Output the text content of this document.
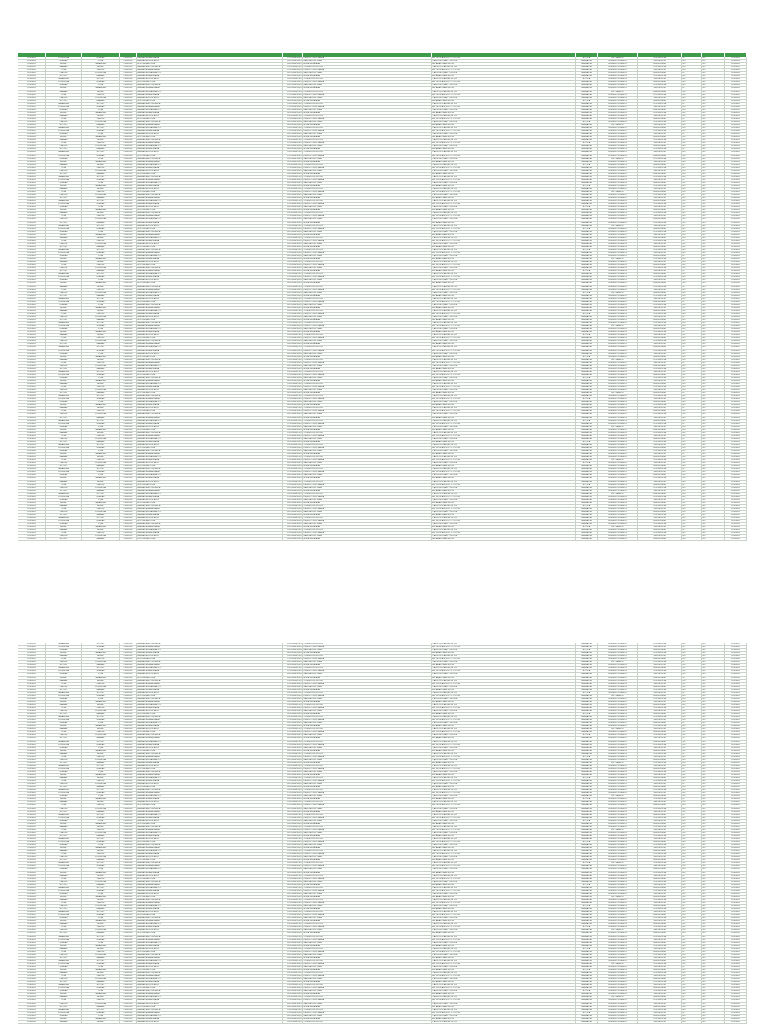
21001001	PICHINCHA	GUAYAS	21002001	FARMACIA SANTA ANA	1702345678001 PEREZ LOPEZ MARIA	AV. 10 DE AGOSTO Y COLON	BOTICA	EN TRAMITE	CON RECETA	SI	NO	21001002
21001002	GUAYAS	LOJA	21002002	FARMACIA CRUZ AZUL	0912345678001 GARCIA RUIZ JUAN	CALLE BOLIVAR Y SUCRE	FARMACIA	PERMISO VIGENTE	SIN RECETA	NO	NO	21002001
21002001	AZUAY	IMBABURA	21001001	BOTICA SAN JOSE	0102345678001 MORA VEGA ANA	AV. AMAZONAS N32-45	FARMACIA	PERMISO VIGENTE	VENTA LIBRE	NO	NO	21002002
21002002	MANABI	AZUAY	21001002	FARMACIA ECONOMICA	1301234567001 TORRES LEON LUIS	CALLE ROCAFUERTE 123	FARMACIA	PERMISO VIGENTE	CON RECETA	NO	NO	21001001
21001001	LOJA	CARCHI	21002001	FARMACIA SANA SANA	1702345678001 PEREZ LOPEZ MARIA	AV. 10 DE AGOSTO Y COLON	FARMACIA	PERMISO VIGENTE	SIN RECETA	NO	NO	21001002
21001002	CARCHI	PICHINCHA	21002002	FARMACIA PHARMACYS	0912345678001 GARCIA RUIZ JUAN	CALLE BOLIVAR Y SUCRE	FARMACIA	PERMISO VIGENTE	VENTA LIBRE	SI	NO	21002001
21002001	EL ORO	MANABI	21001001	FARMACIA SANTA ANA	0102345678001 MORA VEGA ANA	AV. AMAZONAS N32-45	FARMACIA	PERMISO VIGENTE	CON RECETA	NO	NO	21002002
21002002	IMBABURA	EL ORO	21001002	FARMACIA CRUZ AZUL	1301234567001 TORRES LEON LUIS	CALLE ROCAFUERTE 123	BOTICA	PERMISO VIGENTE	SIN RECETA	NO	NO	21001001
21001001	PICHINCHA	GUAYAS	21002001	BOTICA SAN JOSE	1702345678001 PEREZ LOPEZ MARIA	AV. 10 DE AGOSTO Y COLON	FARMACIA	PERMISO VIGENTE	VENTA LIBRE	NO	NO	21001002
21001002	GUAYAS	LOJA	21002002	FARMACIA ECONOMICA	0912345678001 GARCIA RUIZ JUAN	CALLE BOLIVAR Y SUCRE	FARMACIA	PERMISO VIGENTE	CON RECETA	NO	NO	21002001
21002001	AZUAY	IMBABURA	21001001	FARMACIA SANA SANA	0102345678001 MORA VEGA ANA	AV. AMAZONAS N32-45	FARMACIA	PERMISO VIGENTE	SIN RECETA	SI	NO	21002002
21002002	MANABI	AZUAY	21001002	FARMACIA PHARMACYS	1301234567001 TORRES LEON LUIS	CALLE ROCAFUERTE 123	FARMACIA	EN TRAMITE	VENTA LIBRE	NO	NO	21001001
21001001	LOJA	CARCHI	21002001	FARMACIA SANTA ANA	1702345678001 PEREZ LOPEZ MARIA	AV. 10 DE AGOSTO Y COLON	FARMACIA	PERMISO VIGENTE	CON RECETA	NO	NO	21001002
21001002	CARCHI	PICHINCHA	21002002	FARMACIA CRUZ AZUL	0912345678001 GARCIA RUIZ JUAN	CALLE BOLIVAR Y SUCRE	FARMACIA	PERMISO VIGENTE	SIN RECETA	NO	NO	21002001
21002001	EL ORO	MANABI	21001001	BOTICA SAN JOSE	0102345678001 MORA VEGA ANA	AV. AMAZONAS N32-45	BOTICA	PERMISO VIGENTE	VENTA LIBRE	NO	NO	21002002
21002002	IMBABURA	EL ORO	21001002	FARMACIA ECONOMICA	1301234567001 TORRES LEON LUIS	CALLE ROCAFUERTE 123	FARMACIA	PERMISO VIGENTE	CON RECETA	SI	NO	21001001
21001001	PICHINCHA	GUAYAS	21002001	FARMACIA SANA SANA	1702345678001 PEREZ LOPEZ MARIA	AV. 10 DE AGOSTO Y COLON	FARMACIA	PERMISO VIGENTE	SIN RECETA	NO	NO	21001002
21001002	GUAYAS	LOJA	21002002	FARMACIA PHARMACYS	0912345678001 GARCIA RUIZ JUAN	CALLE BOLIVAR Y SUCRE	FARMACIA	PERMISO VIGENTE	VENTA LIBRE	NO	NO	21002001
21002001	AZUAY	IMBABURA	21001001	FARMACIA SANTA ANA	0102345678001 MORA VEGA ANA	AV. AMAZONAS N32-45	FARMACIA	PERMISO VIGENTE	CON RECETA	NO	NO	21002002
21002002	MANABI	AZUAY	21001002	FARMACIA CRUZ AZUL	1301234567001 TORRES LEON LUIS	CALLE ROCAFUERTE 123	FARMACIA	PERMISO VIGENTE	SIN RECETA	NO	NO	21001001
21001001	LOJA	CARCHI	21002001	BOTICA SAN JOSE	1702345678001 PEREZ LOPEZ MARIA	AV. 10 DE AGOSTO Y COLON	FARMACIA	PERMISO VIGENTE	VENTA LIBRE	SI	NO	21001002
21001002	CARCHI	PICHINCHA	21002002	FARMACIA ECONOMICA	0912345678001 GARCIA RUIZ JUAN	CALLE BOLIVAR Y SUCRE	BOTICA	PERMISO VIGENTE	CON RECETA	NO	NO	21002001
21002001	EL ORO	MANABI	21001001	FARMACIA SANA SANA	0102345678001 MORA VEGA ANA	AV. AMAZONAS N32-45	FARMACIA	EN TRAMITE	SIN RECETA	NO	NO	21002002
21002002	IMBABURA	EL ORO	21001002	FARMACIA PHARMACYS	1301234567001 TORRES LEON LUIS	CALLE ROCAFUERTE 123	FARMACIA	PERMISO VIGENTE	VENTA LIBRE	NO	NO	21001001
21001001	PICHINCHA	GUAYAS	21002001	FARMACIA SANTA ANA	1702345678001 PEREZ LOPEZ MARIA	AV. 10 DE AGOSTO Y COLON	FARMACIA	PERMISO VIGENTE	CON RECETA	NO	NO	21001002
21001002	GUAYAS	LOJA	21002002	FARMACIA CRUZ AZUL	0912345678001 GARCIA RUIZ JUAN	CALLE BOLIVAR Y SUCRE	FARMACIA	PERMISO VIGENTE	SIN RECETA	SI	NO	21002001
21002001	AZUAY	IMBABURA	21001001	BOTICA SAN JOSE	0102345678001 MORA VEGA ANA	AV. AMAZONAS N32-45	FARMACIA	PERMISO VIGENTE	VENTA LIBRE	NO	NO	21002002
21002002	MANABI	AZUAY	21001002	FARMACIA ECONOMICA	1301234567001 TORRES LEON LUIS	CALLE ROCAFUERTE 123	FARMACIA	PERMISO VIGENTE	CON RECETA	NO	NO	21001001
21001001	LOJA	CARCHI	21002001	FARMACIA SANA SANA	1702345678001 PEREZ LOPEZ MARIA	AV. 10 DE AGOSTO Y COLON	BOTICA	PERMISO VIGENTE	SIN RECETA	NO	NO	21001002
21001002	CARCHI	PICHINCHA	21002002	FARMACIA PHARMACYS	0912345678001 GARCIA RUIZ JUAN	CALLE BOLIVAR Y SUCRE	FARMACIA	PERMISO VIGENTE	VENTA LIBRE	NO	NO	21002001
21002001	EL ORO	MANABI	21001001	FARMACIA SANTA ANA	0102345678001 MORA VEGA ANA	AV. AMAZONAS N32-45	FARMACIA	PERMISO VIGENTE	CON RECETA	SI	NO	21002002
21002002	IMBABURA	EL ORO	21001002	FARMACIA CRUZ AZUL	1301234567001 TORRES LEON LUIS	CALLE ROCAFUERTE 123	FARMACIA	PERMISO VIGENTE	SIN RECETA	NO	NO	21001001
21001001	PICHINCHA	GUAYAS	21002001	BOTICA SAN JOSE	1702345678001 PEREZ LOPEZ MARIA	AV. 10 DE AGOSTO Y COLON	FARMACIA	PERMISO VIGENTE	VENTA LIBRE	NO	NO	21001002
21001002	GUAYAS	LOJA	21002002	FARMACIA ECONOMICA	0912345678001 GARCIA RUIZ JUAN	CALLE BOLIVAR Y SUCRE	FARMACIA	EN TRAMITE	CON RECETA	NO	NO	21002001
21002001	AZUAY	IMBABURA	21001001	FARMACIA SANA SANA	0102345678001 MORA VEGA ANA	AV. AMAZONAS N32-45	FARMACIA	PERMISO VIGENTE	SIN RECETA	NO	NO	21002002
21002002	MANABI	AZUAY	21001002	FARMACIA PHARMACYS	1301234567001 TORRES LEON LUIS	CALLE ROCAFUERTE 123	BOTICA	PERMISO VIGENTE	VENTA LIBRE	SI	NO	21001001
21001001	LOJA	CARCHI	21002001	FARMACIA SANTA ANA	1702345678001 PEREZ LOPEZ MARIA	AV. 10 DE AGOSTO Y COLON	FARMACIA	PERMISO VIGENTE	CON RECETA	NO	NO	21001002
21001002	CARCHI	PICHINCHA	21002002	FARMACIA CRUZ AZUL	0912345678001 GARCIA RUIZ JUAN	CALLE BOLIVAR Y SUCRE	FARMACIA	PERMISO VIGENTE	SIN RECETA	NO	NO	21002001
21002001	EL ORO	MANABI	21001001	BOTICA SAN JOSE	0102345678001 MORA VEGA ANA	AV. AMAZONAS N32-45	FARMACIA	PERMISO VIGENTE	VENTA LIBRE	NO	NO	21002002
21002002	IMBABURA	EL ORO	21001002	FARMACIA ECONOMICA	1301234567001 TORRES LEON LUIS	CALLE ROCAFUERTE 123	FARMACIA	PERMISO VIGENTE	CON RECETA	NO	NO	21001001
21001001	PICHINCHA	GUAYAS	21002001	FARMACIA SANA SANA	1702345678001 PEREZ LOPEZ MARIA	AV. 10 DE AGOSTO Y COLON	FARMACIA	PERMISO VIGENTE	SIN RECETA	SI	NO	21001002
21001002	GUAYAS	LOJA	21002002	FARMACIA PHARMACYS	0912345678001 GARCIA RUIZ JUAN	CALLE BOLIVAR Y SUCRE	FARMACIA	PERMISO VIGENTE	VENTA LIBRE	NO	NO	21002001
21002001	AZUAY	IMBABURA	21001001	FARMACIA SANTA ANA	0102345678001 MORA VEGA ANA	AV. AMAZONAS N32-45	BOTICA	PERMISO VIGENTE	CON RECETA	NO	NO	21002002
21002002	MANABI	AZUAY	21001002	FARMACIA CRUZ AZUL	1301234567001 TORRES LEON LUIS	CALLE ROCAFUERTE 123	FARMACIA	PERMISO VIGENTE	SIN RECETA	NO	NO	21001001
21001001	LOJA	CARCHI	21002001	BOTICA SAN JOSE	1702345678001 PEREZ LOPEZ MARIA	AV. 10 DE AGOSTO Y COLON	FARMACIA	EN TRAMITE	VENTA LIBRE	NO	NO	21001002
21001002	CARCHI	PICHINCHA	21002002	FARMACIA ECONOMICA	0912345678001 GARCIA RUIZ JUAN	CALLE BOLIVAR Y SUCRE	FARMACIA	PERMISO VIGENTE	CON RECETA	SI	NO	21002001
21002001	EL ORO	MANABI	21001001	FARMACIA SANA SANA	0102345678001 MORA VEGA ANA	AV. AMAZONAS N32-45	FARMACIA	PERMISO VIGENTE	SIN RECETA	NO	NO	21002002
21002002	IMBABURA	EL ORO	21001002	FARMACIA PHARMACYS	1301234567001 TORRES LEON LUIS	CALLE ROCAFUERTE 123	FARMACIA	PERMISO VIGENTE	VENTA LIBRE	NO	NO	21001001
21001001	PICHINCHA	GUAYAS	21002001	FARMACIA SANTA ANA	1702345678001 PEREZ LOPEZ MARIA	AV. 10 DE AGOSTO Y COLON	FARMACIA	PERMISO VIGENTE	CON RECETA	NO	NO	21001002
21001002	GUAYAS	LOJA	21002002	FARMACIA CRUZ AZUL	0912345678001 GARCIA RUIZ JUAN	CALLE BOLIVAR Y SUCRE	BOTICA	PERMISO VIGENTE	SIN RECETA	NO	NO	21002001
21002001	AZUAY	IMBABURA	21001001	BOTICA SAN JOSE	0102345678001 MORA VEGA ANA	AV. AMAZONAS N32-45	FARMACIA	PERMISO VIGENTE	VENTA LIBRE	SI	NO	21002002
21002002	MANABI	AZUAY	21001002	FARMACIA ECONOMICA	1301234567001 TORRES LEON LUIS	CALLE ROCAFUERTE 123	FARMACIA	PERMISO VIGENTE	CON RECETA	NO	NO	21001001
21001001	LOJA	CARCHI	21002001	FARMACIA SANA SANA	1702345678001 PEREZ LOPEZ MARIA	AV. 10 DE AGOSTO Y COLON	FARMACIA	PERMISO VIGENTE	SIN RECETA	NO	NO	21001002
21001002	CARCHI	PICHINCHA	21002002	FARMACIA PHARMACYS	0912345678001 GARCIA RUIZ JUAN	CALLE BOLIVAR Y SUCRE	FARMACIA	PERMISO VIGENTE	VENTA LIBRE	NO	NO	21002001
21002001	EL ORO	MANABI	21001001	FARMACIA SANTA ANA	0102345678001 MORA VEGA ANA	AV. AMAZONAS N32-45	FARMACIA	PERMISO VIGENTE	CON RECETA	NO	NO	21002002
21002002	IMBABURA	EL ORO	21001002	FARMACIA CRUZ AZUL	1301234567001 TORRES LEON LUIS	CALLE ROCAFUERTE 123	FARMACIA	EN TRAMITE	SIN RECETA	SI	NO	21001001
21001001	PICHINCHA	GUAYAS	21002001	BOTICA SAN JOSE	1702345678001 PEREZ LOPEZ MARIA	AV. 10 DE AGOSTO Y COLON	BOTICA	PERMISO VIGENTE	VENTA LIBRE	NO	NO	21001002
21001002	GUAYAS	LOJA	21002002	FARMACIA ECONOMICA	0912345678001 GARCIA RUIZ JUAN	CALLE BOLIVAR Y SUCRE	FARMACIA	PERMISO VIGENTE	CON RECETA	NO	NO	21002001
21002001	AZUAY	IMBABURA	21001001	FARMACIA SANA SANA	0102345678001 MORA VEGA ANA	AV. AMAZONAS N32-45	FARMACIA	PERMISO VIGENTE	SIN RECETA	NO	NO	21002002
21002002	MANABI	AZUAY	21001002	FARMACIA PHARMACYS	1301234567001 TORRES LEON LUIS	CALLE ROCAFUERTE 123	FARMACIA	PERMISO VIGENTE	VENTA LIBRE	NO	NO	21001001
21001001	LOJA	CARCHI	21002001	FARMACIA SANTA ANA	1702345678001 PEREZ LOPEZ MARIA	AV. 10 DE AGOSTO Y COLON	FARMACIA	PERMISO VIGENTE	CON RECETA	SI	NO	21001002
21001002	CARCHI	PICHINCHA	21002002	FARMACIA CRUZ AZUL	0912345678001 GARCIA RUIZ JUAN	CALLE BOLIVAR Y SUCRE	FARMACIA	PERMISO VIGENTE	SIN RECETA	NO	NO	21002001
21002001	EL ORO	MANABI	21001001	BOTICA SAN JOSE	0102345678001 MORA VEGA ANA	AV. AMAZONAS N32-45	FARMACIA	PERMISO VIGENTE	VENTA LIBRE	NO	NO	21002002
21002002	IMBABURA	EL ORO	21001002	FARMACIA ECONOMICA	1301234567001 TORRES LEON LUIS	CALLE ROCAFUERTE 123	BOTICA	PERMISO VIGENTE	CON RECETA	NO	NO	21001001
21001001	PICHINCHA	GUAYAS	21002001	FARMACIA SANA SANA	1702345678001 PEREZ LOPEZ MARIA	AV. 10 DE AGOSTO Y COLON	FARMACIA	PERMISO VIGENTE	SIN RECETA	NO	NO	21001002
21001002	GUAYAS	LOJA	21002002	FARMACIA PHARMACYS	0912345678001 GARCIA RUIZ JUAN	CALLE BOLIVAR Y SUCRE	FARMACIA	PERMISO VIGENTE	VENTA LIBRE	SI	NO	21002001
21002001	AZUAY	IMBABURA	21001001	FARMACIA SANTA ANA	0102345678001 MORA VEGA ANA	AV. AMAZONAS N32-45	FARMACIA	EN TRAMITE	CON RECETA	NO	NO	21002002
21002002	MANABI	AZUAY	21001002	FARMACIA CRUZ AZUL	1301234567001 TORRES LEON LUIS	CALLE ROCAFUERTE 123	FARMACIA	PERMISO VIGENTE	SIN RECETA	NO	NO	21001001
21001001	LOJA	CARCHI	21002001	BOTICA SAN JOSE	1702345678001 PEREZ LOPEZ MARIA	AV. 10 DE AGOSTO Y COLON	FARMACIA	PERMISO VIGENTE	VENTA LIBRE	NO	NO	21001002
21001002	CARCHI	PICHINCHA	21002002	FARMACIA ECONOMICA	0912345678001 GARCIA RUIZ JUAN	CALLE BOLIVAR Y SUCRE	FARMACIA	PERMISO VIGENTE	CON RECETA	NO	NO	21002001
21002001	EL ORO	MANABI	21001001	FARMACIA SANA SANA	0102345678001 MORA VEGA ANA	AV. AMAZONAS N32-45	BOTICA	PERMISO VIGENTE	SIN RECETA	SI	NO	21002002
21002002	IMBABURA	EL ORO	21001002	FARMACIA PHARMACYS	1301234567001 TORRES LEON LUIS	CALLE ROCAFUERTE 123	FARMACIA	PERMISO VIGENTE	VENTA LIBRE	NO	NO	21001001
21001001	PICHINCHA	GUAYAS	21002001	FARMACIA SANTA ANA	1702345678001 PEREZ LOPEZ MARIA	AV. 10 DE AGOSTO Y COLON	FARMACIA	PERMISO VIGENTE	CON RECETA	NO	NO	21001002
21001002	GUAYAS	LOJA	21002002	FARMACIA CRUZ AZUL	0912345678001 GARCIA RUIZ JUAN	CALLE BOLIVAR Y SUCRE	FARMACIA	PERMISO VIGENTE	SIN RECETA	NO	NO	21002001
21002001	AZUAY	IMBABURA	21001001	BOTICA SAN JOSE	0102345678001 MORA VEGA ANA	AV. AMAZONAS N32-45	FARMACIA	PERMISO VIGENTE	VENTA LIBRE	NO	NO	21002002
21002002	MANABI	AZUAY	21001002	FARMACIA ECONOMICA	1301234567001 TORRES LEON LUIS	CALLE ROCAFUERTE 123	FARMACIA	PERMISO VIGENTE	CON RECETA	SI	NO	21001001
21001001	LOJA	CARCHI	21002001	FARMACIA SANA SANA	1702345678001 PEREZ LOPEZ MARIA	AV. 10 DE AGOSTO Y COLON	FARMACIA	PERMISO VIGENTE	SIN RECETA	NO	NO	21001002
21001002	CARCHI	PICHINCHA	21002002	FARMACIA PHARMACYS	0912345678001 GARCIA RUIZ JUAN	CALLE BOLIVAR Y SUCRE	BOTICA	EN TRAMITE	VENTA LIBRE	NO	NO	21002001
21002001	EL ORO	MANABI	21001001	FARMACIA SANTA ANA	0102345678001 MORA VEGA ANA	AV. AMAZONAS N32-45	FARMACIA	PERMISO VIGENTE	CON RECETA	NO	NO	21002002
21002002	IMBABURA	EL ORO	21001002	FARMACIA CRUZ AZUL	1301234567001 TORRES LEON LUIS	CALLE ROCAFUERTE 123	FARMACIA	PERMISO VIGENTE	SIN RECETA	NO	NO	21001001
21001001	PICHINCHA	GUAYAS	21002001	BOTICA SAN JOSE	1702345678001 PEREZ LOPEZ MARIA	AV. 10 DE AGOSTO Y COLON	FARMACIA	PERMISO VIGENTE	VENTA LIBRE	SI	NO	21001002
21001002	GUAYAS	LOJA	21002002	FARMACIA ECONOMICA	0912345678001 GARCIA RUIZ JUAN	CALLE BOLIVAR Y SUCRE	FARMACIA	PERMISO VIGENTE	CON RECETA	NO	NO	21002001
21002001	AZUAY	IMBABURA	21001001	FARMACIA SANA SANA	0102345678001 MORA VEGA ANA	AV. AMAZONAS N32-45	FARMACIA	PERMISO VIGENTE	SIN RECETA	NO	NO	21002002
21002002	MANABI	AZUAY	21001002	FARMACIA PHARMACYS	1301234567001 TORRES LEON LUIS	CALLE ROCAFUERTE 123	FARMACIA	PERMISO VIGENTE	VENTA LIBRE	NO	NO	21001001
21001001	LOJA	CARCHI	21002001	FARMACIA SANTA ANA	1702345678001 PEREZ LOPEZ MARIA	AV. 10 DE AGOSTO Y COLON	BOTICA	PERMISO VIGENTE	CON RECETA	NO	NO	21001002
21001002	CARCHI	PICHINCHA	21002002	FARMACIA CRUZ AZUL	0912345678001 GARCIA RUIZ JUAN	CALLE BOLIVAR Y SUCRE	FARMACIA	PERMISO VIGENTE	SIN RECETA	SI	NO	21002001
21002001	EL ORO	MANABI	21001001	BOTICA SAN JOSE	0102345678001 MORA VEGA ANA	AV. AMAZONAS N32-45	FARMACIA	PERMISO VIGENTE	VENTA LIBRE	NO	NO	21002002
21002002	IMBABURA	EL ORO	21001002	FARMACIA ECONOMICA	1301234567001 TORRES LEON LUIS	CALLE ROCAFUERTE 123	FARMACIA	PERMISO VIGENTE	CON RECETA	NO	NO	21001001
21001001	PICHINCHA	GUAYAS	21002001	FARMACIA SANA SANA	1702345678001 PEREZ LOPEZ MARIA	AV. 10 DE AGOSTO Y COLON	FARMACIA	EN TRAMITE	SIN RECETA	NO	NO	21001002
21001002	GUAYAS	LOJA	21002002	FARMACIA PHARMACYS	0912345678001 GARCIA RUIZ JUAN	CALLE BOLIVAR Y SUCRE	FARMACIA	PERMISO VIGENTE	VENTA LIBRE	NO	NO	21002001
21002001	AZUAY	IMBABURA	21001001	FARMACIA SANTA ANA	0102345678001 MORA VEGA ANA	AV. AMAZONAS N32-45	FARMACIA	PERMISO VIGENTE	CON RECETA	SI	NO	21002002
21002002	MANABI	AZUAY	21001002	FARMACIA CRUZ AZUL	1301234567001 TORRES LEON LUIS	CALLE ROCAFUERTE 123	BOTICA	PERMISO VIGENTE	SIN RECETA	NO	NO	21001001
21001001	LOJA	CARCHI	21002001	BOTICA SAN JOSE	1702345678001 PEREZ LOPEZ MARIA	AV. 10 DE AGOSTO Y COLON	FARMACIA	PERMISO VIGENTE	VENTA LIBRE	NO	NO	21001002
21001002	CARCHI	PICHINCHA	21002002	FARMACIA ECONOMICA	0912345678001 GARCIA RUIZ JUAN	CALLE BOLIVAR Y SUCRE	FARMACIA	PERMISO VIGENTE	CON RECETA	NO	NO	21002001
21002001	EL ORO	MANABI	21001001	FARMACIA SANA SANA	0102345678001 MORA VEGA ANA	AV. AMAZONAS N32-45	FARMACIA	PERMISO VIGENTE	SIN RECETA	NO	NO	21002002
21002002	IMBABURA	EL ORO	21001002	FARMACIA PHARMACYS	1301234567001 TORRES LEON LUIS	CALLE ROCAFUERTE 123	FARMACIA	PERMISO VIGENTE	VENTA LIBRE	SI	NO	21001001
21001001	PICHINCHA	GUAYAS	21002001	FARMACIA SANTA ANA	1702345678001 PEREZ LOPEZ MARIA	AV. 10 DE AGOSTO Y COLON	FARMACIA	PERMISO VIGENTE	CON RECETA	NO	NO	21001002
21001002	GUAYAS	LOJA	21002002	FARMACIA CRUZ AZUL	0912345678001 GARCIA RUIZ JUAN	CALLE BOLIVAR Y SUCRE	FARMACIA	PERMISO VIGENTE	SIN RECETA	NO	NO	21002001
21002001	AZUAY	IMBABURA	21001001	BOTICA SAN JOSE	0102345678001 MORA VEGA ANA	AV. AMAZONAS N32-45	BOTICA	PERMISO VIGENTE	VENTA LIBRE	NO	NO	21002002
21002002	MANABI	AZUAY	21001002	FARMACIA ECONOMICA	1301234567001 TORRES LEON LUIS	CALLE ROCAFUERTE 123	FARMACIA	EN TRAMITE	CON RECETA	NO	NO	21001001
21001001	LOJA	CARCHI	21002001	FARMACIA SANA SANA	1702345678001 PEREZ LOPEZ MARIA	AV. 10 DE AGOSTO Y COLON	FARMACIA	PERMISO VIGENTE	SIN RECETA	SI	NO	21001002
21001002	CARCHI	PICHINCHA	21002002	FARMACIA PHARMACYS	0912345678001 GARCIA RUIZ JUAN	CALLE BOLIVAR Y SUCRE	FARMACIA	PERMISO VIGENTE	VENTA LIBRE	NO	NO	21002001
21002001	EL ORO	MANABI	21001001	FARMACIA SANTA ANA	0102345678001 MORA VEGA ANA	AV. AMAZONAS N32-45	FARMACIA	PERMISO VIGENTE	CON RECETA	NO	NO	21002002
21002002	IMBABURA	EL ORO	21001002	FARMACIA CRUZ AZUL	1301234567001 TORRES LEON LUIS	CALLE ROCAFUERTE 123	FARMACIA	PERMISO VIGENTE	SIN RECETA	NO	NO	21001001
21001001	PICHINCHA	GUAYAS	21002001	BOTICA SAN JOSE	1702345678001 PEREZ LOPEZ MARIA	AV. 10 DE AGOSTO Y COLON	FARMACIA	PERMISO VIGENTE	VENTA LIBRE	NO	NO	21001002
21001002	GUAYAS	LOJA	21002002	FARMACIA ECONOMICA	0912345678001 GARCIA RUIZ JUAN	CALLE BOLIVAR Y SUCRE	BOTICA	PERMISO VIGENTE	CON RECETA	SI	NO	21002001
21002001	AZUAY	IMBABURA	21001001	FARMACIA SANA SANA	0102345678001 MORA VEGA ANA	AV. AMAZONAS N32-45	FARMACIA	PERMISO VIGENTE	SIN RECETA	NO	NO	21002002
21002002	MANABI	AZUAY	21001002	FARMACIA PHARMACYS	1301234567001 TORRES LEON LUIS	CALLE ROCAFUERTE 123	FARMACIA	PERMISO VIGENTE	VENTA LIBRE	NO	NO	21001001
21001001	LOJA	CARCHI	21002001	FARMACIA SANTA ANA	1702345678001 PEREZ LOPEZ MARIA	AV. 10 DE AGOSTO Y COLON	FARMACIA	PERMISO VIGENTE	CON RECETA	NO	NO	21001002
21001002	CARCHI	PICHINCHA	21002002	FARMACIA CRUZ AZUL	0912345678001 GARCIA RUIZ JUAN	CALLE BOLIVAR Y SUCRE	FARMACIA	PERMISO VIGENTE	SIN RECETA	NO	NO	21002001
21002001	EL ORO	MANABI	21001001	BOTICA SAN JOSE	0102345678001 MORA VEGA ANA	AV. AMAZONAS N32-45	FARMACIA	EN TRAMITE	VENTA LIBRE	SI	NO	21002002
21002002	IMBABURA	EL ORO	21001002	FARMACIA ECONOMICA	1301234567001 TORRES LEON LUIS	CALLE ROCAFUERTE 123	FARMACIA	PERMISO VIGENTE	CON RECETA	NO	NO	21001001
21001001	PICHINCHA	GUAYAS	21002001	FARMACIA SANA SANA	1702345678001 PEREZ LOPEZ MARIA	AV. 10 DE AGOSTO Y COLON	BOTICA	PERMISO VIGENTE	SIN RECETA	NO	NO	21001002
21001002	GUAYAS	LOJA	21002002	FARMACIA PHARMACYS	0912345678001 GARCIA RUIZ JUAN	CALLE BOLIVAR Y SUCRE	FARMACIA	PERMISO VIGENTE	VENTA LIBRE	NO	NO	21002001
21002001	AZUAY	IMBABURA	21001001	FARMACIA SANTA ANA	0102345678001 MORA VEGA ANA	AV. AMAZONAS N32-45	FARMACIA	PERMISO VIGENTE	CON RECETA	NO	NO	21002002
21002002	MANABI	AZUAY	21001002	FARMACIA CRUZ AZUL	1301234567001 TORRES LEON LUIS	CALLE ROCAFUERTE 123	FARMACIA	PERMISO VIGENTE	SIN RECETA	SI	NO	21001001
21001001	LOJA	CARCHI	21002001	BOTICA SAN JOSE	1702345678001 PEREZ LOPEZ MARIA	AV. 10 DE AGOSTO Y COLON	FARMACIA	PERMISO VIGENTE	VENTA LIBRE	NO	NO	21001002
21001002	CARCHI	PICHINCHA	21002002	FARMACIA ECONOMICA	0912345678001 GARCIA RUIZ JUAN	CALLE BOLIVAR Y SUCRE	FARMACIA	PERMISO VIGENTE	CON RECETA	NO	NO	21002001
21002001	EL ORO	MANABI	21001001	FARMACIA SANA SANA	0102345678001 MORA VEGA ANA	AV. AMAZONAS N32-45	FARMACIA	PERMISO VIGENTE	SIN RECETA	NO	NO	21002002
21002002	IMBABURA	EL ORO	21001002	FARMACIA PHARMACYS	1301234567001 TORRES LEON LUIS	CALLE ROCAFUERTE 123	BOTICA	PERMISO VIGENTE	VENTA LIBRE	NO	NO	21001001
21001001	PICHINCHA	GUAYAS	21002001	FARMACIA SANTA ANA	1702345678001 PEREZ LOPEZ MARIA	AV. 10 DE AGOSTO Y COLON	FARMACIA	PERMISO VIGENTE	CON RECETA	SI	NO	21001002
21001002	GUAYAS	LOJA	21002002	FARMACIA CRUZ AZUL	0912345678001 GARCIA RUIZ JUAN	CALLE BOLIVAR Y SUCRE	FARMACIA	EN TRAMITE	SIN RECETA	NO	NO	21002001
21002001	AZUAY	IMBABURA	21001001	BOTICA SAN JOSE	0102345678001 MORA VEGA ANA	AV. AMAZONAS N32-45	FARMACIA	PERMISO VIGENTE	VENTA LIBRE	NO	NO	21002002
21002002	MANABI	AZUAY	21001002	FARMACIA ECONOMICA	1301234567001 TORRES LEON LUIS	CALLE ROCAFUERTE 123	FARMACIA	PERMISO VIGENTE	CON RECETA	NO	NO	21001001
21001001	LOJA	CARCHI	21002001	FARMACIA SANA SANA	1702345678001 PEREZ LOPEZ MARIA	AV. 10 DE AGOSTO Y COLON	FARMACIA	PERMISO VIGENTE	SIN RECETA	NO	NO	21001002
21001002	CARCHI	PICHINCHA	21002002	FARMACIA PHARMACYS	0912345678001 GARCIA RUIZ JUAN	CALLE BOLIVAR Y SUCRE	FARMACIA	PERMISO VIGENTE	VENTA LIBRE	SI	NO	21002001
21002001	EL ORO	MANABI	21001001	FARMACIA SANTA ANA	0102345678001 MORA VEGA ANA	AV. AMAZONAS N32-45	BOTICA	PERMISO VIGENTE	CON RECETA	NO	NO	21002002
21002002	IMBABURA	EL ORO	21001002	FARMACIA CRUZ AZUL	1301234567001 TORRES LEON LUIS	CALLE ROCAFUERTE 123	FARMACIA	PERMISO VIGENTE	SIN RECETA	NO	NO	21001001
21001001	PICHINCHA	GUAYAS	21002001	BOTICA SAN JOSE	1702345678001 PEREZ LOPEZ MARIA	AV. 10 DE AGOSTO Y COLON	FARMACIA	PERMISO VIGENTE	VENTA LIBRE	NO	NO	21001002
21001002	GUAYAS	LOJA	21002002	FARMACIA ECONOMICA	0912345678001 GARCIA RUIZ JUAN	CALLE BOLIVAR Y SUCRE	FARMACIA	PERMISO VIGENTE	CON RECETA	NO	NO	21002001
21002001	AZUAY	IMBABURA	21001001	FARMACIA SANA SANA	0102345678001 MORA VEGA ANA	AV. AMAZONAS N32-45	FARMACIA	PERMISO VIGENTE	SIN RECETA	SI	NO	21002002
21002002	MANABI	AZUAY	21001002	FARMACIA PHARMACYS	1301234567001 TORRES LEON LUIS	CALLE ROCAFUERTE 123	FARMACIA	PERMISO VIGENTE	VENTA LIBRE	NO	NO	21001001
21001001	LOJA	CARCHI	21002001	FARMACIA SANTA ANA	1702345678001 PEREZ LOPEZ MARIA	AV. 10 DE AGOSTO Y COLON	FARMACIA	EN TRAMITE	CON RECETA	NO	NO	21001002
21001002	CARCHI	PICHINCHA	21002002	FARMACIA CRUZ AZUL	0912345678001 GARCIA RUIZ JUAN	CALLE BOLIVAR Y SUCRE	BOTICA	PERMISO VIGENTE	SIN RECETA	NO	NO	21002001
21002001	EL ORO	MANABI	21001001	BOTICA SAN JOSE	0102345678001 MORA VEGA ANA	AV. AMAZONAS N32-45	FARMACIA	PERMISO VIGENTE	VENTA LIBRE	NO	NO	21002002
21002002	IMBABURA	EL ORO	21001002	FARMACIA ECONOMICA	1301234567001 TORRES LEON LUIS	CALLE ROCAFUERTE 123	FARMACIA	PERMISO VIGENTE	CON RECETA	SI	NO	21001001
21001001	PICHINCHA	GUAYAS	21002001	FARMACIA SANA SANA	1702345678001 PEREZ LOPEZ MARIA	AV. 10 DE AGOSTO Y COLON	FARMACIA	PERMISO VIGENTE	SIN RECETA	NO	NO	21001002
21001002	GUAYAS	LOJA	21002002	FARMACIA PHARMACYS	0912345678001 GARCIA RUIZ JUAN	CALLE BOLIVAR Y SUCRE	FARMACIA	PERMISO VIGENTE	VENTA LIBRE	NO	NO	21002001
21002001	AZUAY	IMBABURA	21001001	FARMACIA SANTA ANA	0102345678001 MORA VEGA ANA	AV. AMAZONAS N32-45	FARMACIA	PERMISO VIGENTE	CON RECETA	NO	NO	21002002
21002002	MANABI	AZUAY	21001002	FARMACIA CRUZ AZUL	1301234567001 TORRES LEON LUIS	CALLE ROCAFUERTE 123	FARMACIA	PERMISO VIGENTE	SIN RECETA	NO	NO	21001001
21001001	LOJA	CARCHI	21002001	BOTICA SAN JOSE	1702345678001 PEREZ LOPEZ MARIA	AV. 10 DE AGOSTO Y COLON	BOTICA	PERMISO VIGENTE	VENTA LIBRE	SI	NO	21001002
21001002	CARCHI	PICHINCHA	21002002	FARMACIA ECONOMICA	0912345678001 GARCIA RUIZ JUAN	CALLE BOLIVAR Y SUCRE	FARMACIA	PERMISO VIGENTE	CON RECETA	NO	NO	21002001
21002001	EL ORO	MANABI	21001001	FARMACIA SANA SANA	0102345678001 MORA VEGA ANA	AV. AMAZONAS N32-45	FARMACIA	PERMISO VIGENTE	SIN RECETA	NO	NO	21002002
21002002	IMBABURA	EL ORO	21001002	FARMACIA PHARMACYS	1301234567001 TORRES LEON LUIS	CALLE ROCAFUERTE 123	FARMACIA	EN TRAMITE	VENTA LIBRE	NO	NO	21001001
21001001	PICHINCHA	GUAYAS	21002001	FARMACIA SANTA ANA	1702345678001 PEREZ LOPEZ MARIA	AV. 10 DE AGOSTO Y COLON	FARMACIA	PERMISO VIGENTE	CON RECETA	NO	NO	21001002
21001002	GUAYAS	LOJA	21002002	FARMACIA CRUZ AZUL	0912345678001 GARCIA RUIZ JUAN	CALLE BOLIVAR Y SUCRE	FARMACIA	PERMISO VIGENTE	SIN RECETA	SI	NO	21002001
21002001	AZUAY	IMBABURA	21001001	BOTICA SAN JOSE	0102345678001 MORA VEGA ANA	AV. AMAZONAS N32-45	FARMACIA	PERMISO VIGENTE	VENTA LIBRE	NO	NO	21002002
21002002	MANABI	AZUAY	21001002	FARMACIA ECONOMICA	1301234567001 TORRES LEON LUIS	CALLE ROCAFUERTE 123	BOTICA	PERMISO VIGENTE	CON RECETA	NO	NO	21001001
21001001	LOJA	CARCHI	21002001	FARMACIA SANA SANA	1702345678001 PEREZ LOPEZ MARIA	AV. 10 DE AGOSTO Y COLON	FARMACIA	PERMISO VIGENTE	SIN RECETA	NO	NO	21001002
21001002	CARCHI	PICHINCHA	21002002	FARMACIA PHARMACYS	0912345678001 GARCIA RUIZ JUAN	CALLE BOLIVAR Y SUCRE	FARMACIA	PERMISO VIGENTE	VENTA LIBRE	NO	NO	21002001
21002001	EL ORO	MANABI	21001001	FARMACIA SANTA ANA	0102345678001 MORA VEGA ANA	AV. AMAZONAS N32-45	FARMACIA	PERMISO VIGENTE	CON RECETA	SI	NO	21002002
21002002	IMBABURA	EL ORO	21001002	FARMACIA CRUZ AZUL	1301234567001 TORRES LEON LUIS	CALLE ROCAFUERTE 123	FARMACIA	PERMISO VIGENTE	SIN RECETA	NO	NO	21001001
21001001	PICHINCHA	GUAYAS	21002001	BOTICA SAN JOSE	1702345678001 PEREZ LOPEZ MARIA	AV. 10 DE AGOSTO Y COLON	FARMACIA	PERMISO VIGENTE	VENTA LIBRE	NO	NO	21001002
21001002	GUAYAS	LOJA	21002002	FARMACIA ECONOMICA	0912345678001 GARCIA RUIZ JUAN	CALLE BOLIVAR Y SUCRE	FARMACIA	PERMISO VIGENTE	CON RECETA	NO	NO	21002001
21002001	AZUAY	IMBABURA	21001001	FARMACIA SANA SANA	0102345678001 MORA VEGA ANA	AV. AMAZONAS N32-45	BOTICA	EN TRAMITE	SIN RECETA	NO	NO	21002002
21002002	MANABI	AZUAY	21001002	FARMACIA PHARMACYS	1301234567001 TORRES LEON LUIS	CALLE ROCAFUERTE 123	FARMACIA	PERMISO VIGENTE	VENTA LIBRE	SI	NO	21001001
21001001	LOJA	CARCHI	21002001	FARMACIA SANTA ANA	1702345678001 PEREZ LOPEZ MARIA	AV. 10 DE AGOSTO Y COLON	FARMACIA	PERMISO VIGENTE	CON RECETA	NO	NO	21001002
21001002	CARCHI	PICHINCHA	21002002	FARMACIA CRUZ AZUL	0912345678001 GARCIA RUIZ JUAN	CALLE BOLIVAR Y SUCRE	FARMACIA	PERMISO VIGENTE	SIN RECETA	NO	NO	21002001
21002001	EL ORO	MANABI	21001001	BOTICA SAN JOSE	0102345678001 MORA VEGA ANA	AV. AMAZONAS N32-45	FARMACIA	PERMISO VIGENTE	VENTA LIBRE	NO	NO	21002002
21002002	IMBABURA	EL ORO	21001002	FARMACIA ECONOMICA	1301234567001 TORRES LEON LUIS	CALLE ROCAFUERTE 123	FARMACIA	PERMISO VIGENTE	CON RECETA	NO	NO	21001001
21001001	PICHINCHA	GUAYAS	21002001	FARMACIA SANA SANA	1702345678001 PEREZ LOPEZ MARIA	AV. 10 DE AGOSTO Y COLON	FARMACIA	PERMISO VIGENTE	SIN RECETA	SI	NO	21001002
21001002	GUAYAS	LOJA	21002002	FARMACIA PHARMACYS	0912345678001 GARCIA RUIZ JUAN	CALLE BOLIVAR Y SUCRE	BOTICA	PERMISO VIGENTE	VENTA LIBRE	NO	NO	21002001
21002001	AZUAY	IMBABURA	21001001	FARMACIA SANTA ANA	0102345678001 MORA VEGA ANA	AV. AMAZONAS N32-45	FARMACIA	PERMISO VIGENTE	CON RECETA	NO	NO	21002002
21002002	MANABI	AZUAY	21001002	FARMACIA CRUZ AZUL	1301234567001 TORRES LEON LUIS	CALLE ROCAFUERTE 123	FARMACIA	PERMISO VIGENTE	SIN RECETA	NO	NO	21001001
21001001	LOJA	CARCHI	21002001	BOTICA SAN JOSE	1702345678001 PEREZ LOPEZ MARIA	AV. 10 DE AGOSTO Y COLON	FARMACIA	PERMISO VIGENTE	VENTA LIBRE	NO	NO	21001002
21001002	CARCHI	PICHINCHA	21002002	FARMACIA ECONOMICA	0912345678001 GARCIA RUIZ JUAN	CALLE BOLIVAR Y SUCRE	FARMACIA	EN TRAMITE	CON RECETA	SI	NO	21002001
21002001	EL ORO	MANABI	21001001	FARMACIA SANA SANA	0102345678001 MORA VEGA ANA	AV. AMAZONAS N32-45	FARMACIA	PERMISO VIGENTE	SIN RECETA	NO	NO	21002002
21002002	IMBABURA	EL ORO	21001002	FARMACIA PHARMACYS	1301234567001 TORRES LEON LUIS	CALLE ROCAFUERTE 123	FARMACIA	PERMISO VIGENTE	VENTA LIBRE	NO	NO	21001001
21001001	PICHINCHA	GUAYAS	21002001	FARMACIA SANTA ANA	1702345678001 PEREZ LOPEZ MARIA	AV. 10 DE AGOSTO Y COLON	BOTICA	PERMISO VIGENTE	CON RECETA	NO	NO	21001002
21001002	GUAYAS	LOJA	21002002	FARMACIA CRUZ AZUL	0912345678001 GARCIA RUIZ JUAN	CALLE BOLIVAR Y SUCRE	FARMACIA	PERMISO VIGENTE	SIN RECETA	NO	NO	21002001
21002001	AZUAY	IMBABURA	21001001	BOTICA SAN JOSE	0102345678001 MORA VEGA ANA	AV. AMAZONAS N32-45	FARMACIA	PERMISO VIGENTE	VENTA LIBRE	SI	NO	21002002
21002002	MANABI	AZUAY	21001002	FARMACIA ECONOMICA	1301234567001 TORRES LEON LUIS	CALLE ROCAFUERTE 123	FARMACIA	PERMISO VIGENTE	CON RECETA	NO	NO	21001001
21001001	LOJA	CARCHI	21002001	FARMACIA SANA SANA	1702345678001 PEREZ LOPEZ MARIA	AV. 10 DE AGOSTO Y COLON	FARMACIA	PERMISO VIGENTE	SIN RECETA	NO	NO	21001002
21001002	CARCHI	PICHINCHA	21002002	FARMACIA PHARMACYS	0912345678001 GARCIA RUIZ JUAN	CALLE BOLIVAR Y SUCRE	FARMACIA	PERMISO VIGENTE	VENTA LIBRE	NO	NO	21002001
21002001	EL ORO	MANABI	21001001	FARMACIA SANTA ANA	0102345678001 MORA VEGA ANA	AV. AMAZONAS N32-45	FARMACIA	PERMISO VIGENTE	CON RECETA	NO	NO	21002002
21002002	IMBABURA	EL ORO	21001002	FARMACIA CRUZ AZUL	1301234567001 TORRES LEON LUIS	CALLE ROCAFUERTE 123	BOTICA	PERMISO VIGENTE	SIN RECETA	SI	NO	21001001
21001001	PICHINCHA	GUAYAS	21002001	BOTICA SAN JOSE	1702345678001 PEREZ LOPEZ MARIA	AV. 10 DE AGOSTO Y COLON	FARMACIA	EN TRAMITE	VENTA LIBRE	NO	NO	21001002
21001002	GUAYAS	LOJA	21002002	FARMACIA ECONOMICA	0912345678001 GARCIA RUIZ JUAN	CALLE BOLIVAR Y SUCRE	FARMACIA	PERMISO VIGENTE	CON RECETA	NO	NO	21002001
21002001	AZUAY	IMBABURA	21001001	FARMACIA SANA SANA	0102345678001 MORA VEGA ANA	AV. AMAZONAS N32-45	FARMACIA	PERMISO VIGENTE	SIN RECETA	NO	NO	21002002
21002002	MANABI	AZUAY	21001002	FARMACIA PHARMACYS	1301234567001 TORRES LEON LUIS	CALLE ROCAFUERTE 123	FARMACIA	PERMISO VIGENTE	VENTA LIBRE	NO	NO	21001001
21001001	LOJA	CARCHI	21002001	FARMACIA SANTA ANA	1702345678001 PEREZ LOPEZ MARIA	AV. 10 DE AGOSTO Y COLON	FARMACIA	PERMISO VIGENTE	CON RECETA	SI	NO	21001002
21001002	CARCHI	PICHINCHA	21002002	FARMACIA CRUZ AZUL	0912345678001 GARCIA RUIZ JUAN	CALLE BOLIVAR Y SUCRE	FARMACIA	PERMISO VIGENTE	SIN RECETA	NO	NO	21002001
21002001	EL ORO	MANABI	21001001	BOTICA SAN JOSE	0102345678001 MORA VEGA ANA	AV. AMAZONAS N32-45	BOTICA	PERMISO VIGENTE	VENTA LIBRE	NO	NO	21002002
21002002	IMBABURA	EL ORO	21001002	FARMACIA ECONOMICA	1301234567001 TORRES LEON LUIS	CALLE ROCAFUERTE 123	FARMACIA	PERMISO VIGENTE	CON RECETA	NO	NO	21001001
21001001	PICHINCHA	GUAYAS	21002001	FARMACIA SANA SANA	1702345678001 PEREZ LOPEZ MARIA	AV. 10 DE AGOSTO Y COLON	FARMACIA	PERMISO VIGENTE	SIN RECETA	NO	NO	21001002
21001002	GUAYAS	LOJA	21002002	FARMACIA PHARMACYS	0912345678001 GARCIA RUIZ JUAN	CALLE BOLIVAR Y SUCRE	FARMACIA	PERMISO VIGENTE	VENTA LIBRE	SI	NO	21002001
21002001	AZUAY	IMBABURA	21001001	FARMACIA SANTA ANA	0102345678001 MORA VEGA ANA	AV. AMAZONAS N32-45	FARMACIA	PERMISO VIGENTE	CON RECETA	NO	NO	21002002
21002002	MANABI	AZUAY	21001002	FARMACIA CRUZ AZUL	1301234567001 TORRES LEON LUIS	CALLE ROCAFUERTE 123	FARMACIA	EN TRAMITE	SIN RECETA	NO	NO	21001001
21001001	LOJA	CARCHI	21002001	BOTICA SAN JOSE	1702345678001 PEREZ LOPEZ MARIA	AV. 10 DE AGOSTO Y COLON	FARMACIA	PERMISO VIGENTE	VENTA LIBRE	NO	NO	21001002
21001002	CARCHI	PICHINCHA	21002002	FARMACIA ECONOMICA	0912345678001 GARCIA RUIZ JUAN	CALLE BOLIVAR Y SUCRE	BOTICA	PERMISO VIGENTE	CON RECETA	NO	NO	21002001
21002001	EL ORO	MANABI	21001001	FARMACIA SANA SANA	0102345678001 MORA VEGA ANA	AV. AMAZONAS N32-45	FARMACIA	PERMISO VIGENTE	SIN RECETA	SI	NO	21002002
21002002	IMBABURA	EL ORO	21001002	FARMACIA PHARMACYS	1301234567001 TORRES LEON LUIS	CALLE ROCAFUERTE 123	FARMACIA	PERMISO VIGENTE	VENTA LIBRE	NO	NO	21001001
21001001	PICHINCHA	GUAYAS	21002001	FARMACIA SANTA ANA	1702345678001 PEREZ LOPEZ MARIA	AV. 10 DE AGOSTO Y COLON	FARMACIA	PERMISO VIGENTE	CON RECETA	NO	NO	21001002
21001002	GUAYAS	LOJA	21002002	FARMACIA CRUZ AZUL	0912345678001 GARCIA RUIZ JUAN	CALLE BOLIVAR Y SUCRE	FARMACIA	PERMISO VIGENTE	SIN RECETA	NO	NO	21002001
21002001	AZUAY	IMBABURA	21001001	BOTICA SAN JOSE	0102345678001 MORA VEGA ANA	AV. AMAZONAS N32-45	FARMACIA	PERMISO VIGENTE	VENTA LIBRE	NO	NO	21002002
21002002	MANABI	AZUAY	21001002	FARMACIA ECONOMICA	1301234567001 TORRES LEON LUIS	CALLE ROCAFUERTE 123	FARMACIA	PERMISO VIGENTE	CON RECETA	SI	NO	21001001
21001001	LOJA	CARCHI	21002001	FARMACIA SANA SANA	1702345678001 PEREZ LOPEZ MARIA	AV. 10 DE AGOSTO Y COLON	BOTICA	PERMISO VIGENTE	SIN RECETA	NO	NO	21001002
21001002	CARCHI	PICHINCHA	21002002	FARMACIA PHARMACYS	0912345678001 GARCIA RUIZ JUAN	CALLE BOLIVAR Y SUCRE	FARMACIA	PERMISO VIGENTE	VENTA LIBRE	NO	NO	21002001
21002001	EL ORO	MANABI	21001001	FARMACIA SANTA ANA	0102345678001 MORA VEGA ANA	AV. AMAZONAS N32-45	FARMACIA	EN TRAMITE	CON RECETA	NO	NO	21002002
21002002	IMBABURA	EL ORO	21001002	FARMACIA CRUZ AZUL	1301234567001 TORRES LEON LUIS	CALLE ROCAFUERTE 123	FARMACIA	PERMISO VIGENTE	SIN RECETA	NO	NO	21001001
21001001	PICHINCHA	GUAYAS	21002001	BOTICA SAN JOSE	1702345678001 PEREZ LOPEZ MARIA	AV. 10 DE AGOSTO Y COLON	FARMACIA	PERMISO VIGENTE	VENTA LIBRE	SI	NO	21001002
21001002	GUAYAS	LOJA	21002002	FARMACIA ECONOMICA	0912345678001 GARCIA RUIZ JUAN	CALLE BOLIVAR Y SUCRE	FARMACIA	PERMISO VIGENTE	CON RECETA	NO	NO	21002001
21002001	AZUAY	IMBABURA	21001001	FARMACIA SANA SANA	0102345678001 MORA VEGA ANA	AV. AMAZONAS N32-45	FARMACIA	PERMISO VIGENTE	SIN RECETA	NO	NO	21002002
21002002	MANABI	AZUAY	21001002	FARMACIA PHARMACYS	1301234567001 TORRES LEON LUIS	CALLE ROCAFUERTE 123	BOTICA	PERMISO VIGENTE	VENTA LIBRE	NO	NO	21001001
21001001	LOJA	CARCHI	21002001	FARMACIA SANTA ANA	1702345678001 PEREZ LOPEZ MARIA	AV. 10 DE AGOSTO Y COLON	FARMACIA	PERMISO VIGENTE	CON RECETA	NO	NO	21001002
21001002	CARCHI	PICHINCHA	21002002	FARMACIA CRUZ AZUL	0912345678001 GARCIA RUIZ JUAN	CALLE BOLIVAR Y SUCRE	FARMACIA	PERMISO VIGENTE	SIN RECETA	SI	NO	21002001
21002001	EL ORO	MANABI	21001001	BOTICA SAN JOSE	0102345678001 MORA VEGA ANA	AV. AMAZONAS N32-45	FARMACIA	PERMISO VIGENTE	VENTA LIBRE	NO	NO	21002002
21002002	IMBABURA	EL ORO	21001002	FARMACIA ECONOMICA	1301234567001 TORRES LEON LUIS	CALLE ROCAFUERTE 123	FARMACIA	PERMISO VIGENTE	CON RECETA	NO	NO	21001001
21001001	PICHINCHA	GUAYAS	21002001	FARMACIA SANA SANA	1702345678001 PEREZ LOPEZ MARIA	AV. 10 DE AGOSTO Y COLON	FARMACIA	PERMISO VIGENTE	SIN RECETA	NO	NO	21001002
21001002	GUAYAS	LOJA	21002002	FARMACIA PHARMACYS	0912345678001 GARCIA RUIZ JUAN	CALLE BOLIVAR Y SUCRE	FARMACIA	EN TRAMITE	VENTA LIBRE	NO	NO	21002001
21002001	AZUAY	IMBABURA	21001001	FARMACIA SANTA ANA	0102345678001 MORA VEGA ANA	AV. AMAZONAS N32-45	BOTICA	PERMISO VIGENTE	CON RECETA	SI	NO	21002002
21002002	MANABI	AZUAY	21001002	FARMACIA CRUZ AZUL	1301234567001 TORRES LEON LUIS	CALLE ROCAFUERTE 123	FARMACIA	PERMISO VIGENTE	SIN RECETA	NO	NO	21001001
21001001	LOJA	CARCHI	21002001	BOTICA SAN JOSE	1702345678001 PEREZ LOPEZ MARIA	AV. 10 DE AGOSTO Y COLON	FARMACIA	PERMISO VIGENTE	VENTA LIBRE	NO	NO	21001002
21001002	CARCHI	PICHINCHA	21002002	FARMACIA ECONOMICA	0912345678001 GARCIA RUIZ JUAN	CALLE BOLIVAR Y SUCRE	FARMACIA	PERMISO VIGENTE	CON RECETA	NO	NO	21002001
21002001	EL ORO	MANABI	21001001	FARMACIA SANA SANA	0102345678001 MORA VEGA ANA	AV. AMAZONAS N32-45	FARMACIA	PERMISO VIGENTE	SIN RECETA	NO	NO	21002002
21002002	IMBABURA	EL ORO	21001002	FARMACIA PHARMACYS	1301234567001 TORRES LEON LUIS	CALLE ROCAFUERTE 123	FARMACIA	PERMISO VIGENTE	VENTA LIBRE	SI	NO	21001001
21001001	PICHINCHA	GUAYAS	21002001	FARMACIA SANTA ANA	1702345678001 PEREZ LOPEZ MARIA	AV. 10 DE AGOSTO Y COLON	FARMACIA	PERMISO VIGENTE	CON RECETA	NO	NO	21001002
21001002	GUAYAS	LOJA	21002002	FARMACIA CRUZ AZUL	0912345678001 GARCIA RUIZ JUAN	CALLE BOLIVAR Y SUCRE	BOTICA	PERMISO VIGENTE	SIN RECETA	NO	NO	21002001
21002001	AZUAY	IMBABURA	21001001	BOTICA SAN JOSE	0102345678001 MORA VEGA ANA	AV. AMAZONAS N32-45	FARMACIA	PERMISO VIGENTE	VENTA LIBRE	NO	NO	21002002
21002002	MANABI	AZUAY	21001002	FARMACIA ECONOMICA	1301234567001 TORRES LEON LUIS	CALLE ROCAFUERTE 123	FARMACIA	PERMISO VIGENTE	CON RECETA	NO	NO	21001001
21001001	LOJA	CARCHI	21002001	FARMACIA SANA SANA	1702345678001 PEREZ LOPEZ MARIA	AV. 10 DE AGOSTO Y COLON	FARMACIA	EN TRAMITE	SIN RECETA	SI	NO	21001002
21001002	CARCHI	PICHINCHA	21002002	FARMACIA PHARMACYS	0912345678001 GARCIA RUIZ JUAN	CALLE BOLIVAR Y SUCRE	FARMACIA	PERMISO VIGENTE	VENTA LIBRE	NO	NO	21002001
21002001	EL ORO	MANABI	21001001	FARMACIA SANTA ANA	0102345678001 MORA VEGA ANA	AV. AMAZONAS N32-45	FARMACIA	PERMISO VIGENTE	CON RECETA	NO	NO	21002002
21002002	IMBABURA	EL ORO	21001002	FARMACIA CRUZ AZUL	1301234567001 TORRES LEON LUIS	CALLE ROCAFUERTE 123	FARMACIA	PERMISO VIGENTE	SIN RECETA	NO	NO	21001001
21001001	PICHINCHA	GUAYAS	21002001	BOTICA SAN JOSE	1702345678001 PEREZ LOPEZ MARIA	AV. 10 DE AGOSTO Y COLON	BOTICA	PERMISO VIGENTE	VENTA LIBRE	NO	NO	21001002
21001002	GUAYAS	LOJA	21002002	FARMACIA ECONOMICA	0912345678001 GARCIA RUIZ JUAN	CALLE BOLIVAR Y SUCRE	FARMACIA	PERMISO VIGENTE	CON RECETA	SI	NO	21002001
21002001	AZUAY	IMBABURA	21001001	FARMACIA SANA SANA	0102345678001 MORA VEGA ANA	AV. AMAZONAS N32-45	FARMACIA	PERMISO VIGENTE	SIN RECETA	NO	NO	21002002
21002002	MANABI	AZUAY	21001002	FARMACIA PHARMACYS	1301234567001 TORRES LEON LUIS	CALLE ROCAFUERTE 123	FARMACIA	PERMISO VIGENTE	VENTA LIBRE	NO	NO	21001001
21001001	LOJA	CARCHI	21002001	FARMACIA SANTA ANA	1702345678001 PEREZ LOPEZ MARIA	AV. 10 DE AGOSTO Y COLON	FARMACIA	PERMISO VIGENTE	CON RECETA	NO	NO	21001002
21001002	CARCHI	PICHINCHA	21002002	FARMACIA CRUZ AZUL	0912345678001 GARCIA RUIZ JUAN	CALLE BOLIVAR Y SUCRE	FARMACIA	PERMISO VIGENTE	SIN RECETA	NO	NO	21002001
21002001	EL ORO	MANABI	21001001	BOTICA SAN JOSE	0102345678001 MORA VEGA ANA	AV. AMAZONAS N32-45	FARMACIA	PERMISO VIGENTE	VENTA LIBRE	SI	NO	21002002
21002002	IMBABURA	EL ORO	21001002	FARMACIA ECONOMICA	1301234567001 TORRES LEON LUIS	CALLE ROCAFUERTE 123	BOTICA	EN TRAMITE	CON RECETA	NO	NO	21001001
21001001	PICHINCHA	GUAYAS	21002001	FARMACIA SANA SANA	1702345678001 PEREZ LOPEZ MARIA	AV. 10 DE AGOSTO Y COLON	FARMACIA	PERMISO VIGENTE	SIN RECETA	NO	NO	21001002
21001002	GUAYAS	LOJA	21002002	FARMACIA PHARMACYS	0912345678001 GARCIA RUIZ JUAN	CALLE BOLIVAR Y SUCRE	FARMACIA	PERMISO VIGENTE	VENTA LIBRE	NO	NO	21002001
21002001	AZUAY	IMBABURA	21001001	FARMACIA SANTA ANA	0102345678001 MORA VEGA ANA	AV. AMAZONAS N32-45	FARMACIA	PERMISO VIGENTE	CON RECETA	NO	NO	21002002
21002002	MANABI	AZUAY	21001002	FARMACIA CRUZ AZUL	1301234567001 TORRES LEON LUIS	CALLE ROCAFUERTE 123	FARMACIA	PERMISO VIGENTE	SIN RECETA	SI	NO	21001001
21001001	LOJA	CARCHI	21002001	BOTICA SAN JOSE	1702345678001 PEREZ LOPEZ MARIA	AV. 10 DE AGOSTO Y COLON	FARMACIA	PERMISO VIGENTE	VENTA LIBRE	NO	NO	21001002
21001002	CARCHI	PICHINCHA	21002002	FARMACIA ECONOMICA	0912345678001 GARCIA RUIZ JUAN	CALLE BOLIVAR Y SUCRE	FARMACIA	PERMISO VIGENTE	CON RECETA	NO	NO	21002001
21002001	EL ORO	MANABI	21001001	FARMACIA SANA SANA	0102345678001 MORA VEGA ANA	AV. AMAZONAS N32-45	BOTICA	PERMISO VIGENTE	SIN RECETA	NO	NO	21002002
21002002	IMBABURA	EL ORO	21001002	FARMACIA PHARMACYS	1301234567001 TORRES LEON LUIS	CALLE ROCAFUERTE 123	FARMACIA	PERMISO VIGENTE	VENTA LIBRE	NO	NO	21001001
21001001	PICHINCHA	GUAYAS	21002001	FARMACIA SANTA ANA	1702345678001 PEREZ LOPEZ MARIA	AV. 10 DE AGOSTO Y COLON	FARMACIA	PERMISO VIGENTE	CON RECETA	SI	NO	21001002
21001002	GUAYAS	LOJA	21002002	FARMACIA CRUZ AZUL	0912345678001 GARCIA RUIZ JUAN	CALLE BOLIVAR Y SUCRE	FARMACIA	PERMISO VIGENTE	SIN RECETA	NO	NO	21002001
21002001	AZUAY	IMBABURA	21001001	BOTICA SAN JOSE	0102345678001 MORA VEGA ANA	AV. AMAZONAS N32-45	FARMACIA	EN TRAMITE	VENTA LIBRE	NO	NO	21002002
21002002	MANABI	AZUAY	21001002	FARMACIA ECONOMICA	1301234567001 TORRES LEON LUIS	CALLE ROCAFUERTE 123	FARMACIA	PERMISO VIGENTE	CON RECETA	NO	NO	21001001
21001001	LOJA	CARCHI	21002001	FARMACIA SANA SANA	1702345678001 PEREZ LOPEZ MARIA	AV. 10 DE AGOSTO Y COLON	FARMACIA	PERMISO VIGENTE	SIN RECETA	NO	NO	21001002
21001002	CARCHI	PICHINCHA	21002002	FARMACIA PHARMACYS	0912345678001 GARCIA RUIZ JUAN	CALLE BOLIVAR Y SUCRE	BOTICA	PERMISO VIGENTE	VENTA LIBRE	SI	NO	21002001
21002001	EL ORO	MANABI	21001001	FARMACIA SANTA ANA	0102345678001 MORA VEGA ANA	AV. AMAZONAS N32-45	FARMACIA	PERMISO VIGENTE	CON RECETA	NO	NO	21002002
21002002	IMBABURA	EL ORO	21001002	FARMACIA CRUZ AZUL	1301234567001 TORRES LEON LUIS	CALLE ROCAFUERTE 123	FARMACIA	PERMISO VIGENTE	SIN RECETA	NO	NO	21001001
21001001	PICHINCHA	GUAYAS	21002001	BOTICA SAN JOSE	1702345678001 PEREZ LOPEZ MARIA	AV. 10 DE AGOSTO Y COLON	FARMACIA	PERMISO VIGENTE	VENTA LIBRE	NO	NO	21001002
21001002	GUAYAS	LOJA	21002002	FARMACIA ECONOMICA	0912345678001 GARCIA RUIZ JUAN	CALLE BOLIVAR Y SUCRE	FARMACIA	PERMISO VIGENTE	CON RECETA	NO	NO	21002001
21002001	AZUAY	IMBABURA	21001001	FARMACIA SANA SANA	0102345678001 MORA VEGA ANA	AV. AMAZONAS N32-45	FARMACIA	PERMISO VIGENTE	SIN RECETA	SI	NO	21002002
21002002	MANABI	AZUAY	21001002	FARMACIA PHARMACYS	1301234567001 TORRES LEON LUIS	CALLE ROCAFUERTE 123	FARMACIA	PERMISO VIGENTE	VENTA LIBRE	NO	NO	21001001
21001001	LOJA	CARCHI	21002001	FARMACIA SANTA ANA	1702345678001 PEREZ LOPEZ MARIA	AV. 10 DE AGOSTO Y COLON	BOTICA	PERMISO VIGENTE	CON RECETA	NO	NO	21001002
21001002	CARCHI	PICHINCHA	21002002	FARMACIA CRUZ AZUL	0912345678001 GARCIA RUIZ JUAN	CALLE BOLIVAR Y SUCRE	FARMACIA	EN TRAMITE	SIN RECETA	NO	NO	21002001
21002001	EL ORO	MANABI	21001001	BOTICA SAN JOSE	0102345678001 MORA VEGA ANA	AV. AMAZONAS N32-45	FARMACIA	PERMISO VIGENTE	VENTA LIBRE	NO	NO	21002002
21002002	IMBABURA	EL ORO	21001002	FARMACIA ECONOMICA	1301234567001 TORRES LEON LUIS	CALLE ROCAFUERTE 123	FARMACIA	PERMISO VIGENTE	CON RECETA	SI	NO	21001001
21001001	PICHINCHA	GUAYAS	21002001	FARMACIA SANA SANA	1702345678001 PEREZ LOPEZ MARIA	AV. 10 DE AGOSTO Y COLON	FARMACIA	PERMISO VIGENTE	SIN RECETA	NO	NO	21001002
21001002	GUAYAS	LOJA	21002002	FARMACIA PHARMACYS	0912345678001 GARCIA RUIZ JUAN	CALLE BOLIVAR Y SUCRE	FARMACIA	PERMISO VIGENTE	VENTA LIBRE	NO	NO	21002001
21002001	AZUAY	IMBABURA	21001001	FARMACIA SANTA ANA	0102345678001 MORA VEGA ANA	AV. AMAZONAS N32-45	FARMACIA	PERMISO VIGENTE	CON RECETA	NO	NO	21002002
21002002	MANABI	AZUAY	21001002	FARMACIA CRUZ AZUL	1301234567001 TORRES LEON LUIS	CALLE ROCAFUERTE 123	BOTICA	PERMISO VIGENTE	SIN RECETA	NO	NO	21001001
21001001	LOJA	CARCHI	21002001	BOTICA SAN JOSE	1702345678001 PEREZ LOPEZ MARIA	AV. 10 DE AGOSTO Y COLON	FARMACIA	PERMISO VIGENTE	VENTA LIBRE	SI	NO	21001002
21001002	CARCHI	PICHINCHA	21002002	FARMACIA ECONOMICA	0912345678001 GARCIA RUIZ JUAN	CALLE BOLIVAR Y SUCRE	FARMACIA	PERMISO VIGENTE	CON RECETA	NO	NO	21002001
21002001	EL ORO	MANABI	21001001	FARMACIA SANA SANA	0102345678001 MORA VEGA ANA	AV. AMAZONAS N32-45	FARMACIA	PERMISO VIGENTE	SIN RECETA	NO	NO	21002002
21002002	IMBABURA	EL ORO	21001002	FARMACIA PHARMACYS	1301234567001 TORRES LEON LUIS	CALLE ROCAFUERTE 123	FARMACIA	PERMISO VIGENTE	VENTA LIBRE	NO	NO	21001001
21001001	PICHINCHA	GUAYAS	21002001	FARMACIA SANTA ANA	1702345678001 PEREZ LOPEZ MARIA	AV. 10 DE AGOSTO Y COLON	FARMACIA	EN TRAMITE	CON RECETA	NO	NO	21001002
21001002	GUAYAS	LOJA	21002002	FARMACIA CRUZ AZUL	0912345678001 GARCIA RUIZ JUAN	CALLE BOLIVAR Y SUCRE	FARMACIA	PERMISO VIGENTE	SIN RECETA	SI	NO	21002001
21002001	AZUAY	IMBABURA	21001001	BOTICA SAN JOSE	0102345678001 MORA VEGA ANA	AV. AMAZONAS N32-45	BOTICA	PERMISO VIGENTE	VENTA LIBRE	NO	NO	21002002
21002002	MANABI	AZUAY	21001002	FARMACIA ECONOMICA	1301234567001 TORRES LEON LUIS	CALLE ROCAFUERTE 123	FARMACIA	PERMISO VIGENTE	CON RECETA	NO	NO	21001001
21001001	LOJA	CARCHI	21002001	FARMACIA SANA SANA	1702345678001 PEREZ LOPEZ MARIA	AV. 10 DE AGOSTO Y COLON	FARMACIA	PERMISO VIGENTE	SIN RECETA	NO	NO	21001002
21001002	CARCHI	PICHINCHA	21002002	FARMACIA PHARMACYS	0912345678001 GARCIA RUIZ JUAN	CALLE BOLIVAR Y SUCRE	FARMACIA	PERMISO VIGENTE	VENTA LIBRE	NO	NO	21002001
21002001	EL ORO	MANABI	21001001	FARMACIA SANTA ANA	0102345678001 MORA VEGA ANA	AV. AMAZONAS N32-45	FARMACIA	PERMISO VIGENTE	CON RECETA	SI	NO	21002002
21002002	IMBABURA	EL ORO	21001002	FARMACIA CRUZ AZUL	1301234567001 TORRES LEON LUIS	CALLE ROCAFUERTE 123	FARMACIA	PERMISO VIGENTE	SIN RECETA	NO	NO	21001001
21001001	PICHINCHA	GUAYAS	21002001	BOTICA SAN JOSE	1702345678001 PEREZ LOPEZ MARIA	AV. 10 DE AGOSTO Y COLON	FARMACIA	PERMISO VIGENTE	VENTA LIBRE	NO	NO	21001002
21001002	GUAYAS	LOJA	21002002	FARMACIA ECONOMICA	0912345678001 GARCIA RUIZ JUAN	CALLE BOLIVAR Y SUCRE	BOTICA	PERMISO VIGENTE	CON RECETA	NO	NO	21002001
21002001	AZUAY	IMBABURA	21001001	FARMACIA SANA SANA	0102345678001 MORA VEGA ANA	AV. AMAZONAS N32-45	FARMACIA	PERMISO VIGENTE	SIN RECETA	NO	NO	21002002
21002002	MANABI	AZUAY	21001002	FARMACIA PHARMACYS	1301234567001 TORRES LEON LUIS	CALLE ROCAFUERTE 123	FARMACIA	EN TRAMITE	VENTA LIBRE	SI	NO	21001001
21001001	LOJA	CARCHI	21002001	FARMACIA SANTA ANA	1702345678001 PEREZ LOPEZ MARIA	AV. 10 DE AGOSTO Y COLON	FARMACIA	PERMISO VIGENTE	CON RECETA	NO	NO	21001002
21001002	CARCHI	PICHINCHA	21002002	FARMACIA CRUZ AZUL	0912345678001 GARCIA RUIZ JUAN	CALLE BOLIVAR Y SUCRE	FARMACIA	PERMISO VIGENTE	SIN RECETA	NO	NO	21002001
21002001	EL ORO	MANABI	21001001	BOTICA SAN JOSE	0102345678001 MORA VEGA ANA	AV. AMAZONAS N32-45	FARMACIA	PERMISO VIGENTE	VENTA LIBRE	NO	NO	21002002
21002002	IMBABURA	EL ORO	21001002	FARMACIA ECONOMICA	1301234567001 TORRES LEON LUIS	CALLE ROCAFUERTE 123	FARMACIA	PERMISO VIGENTE	CON RECETA	NO	NO	21001001
21001001	PICHINCHA	GUAYAS	21002001	FARMACIA SANA SANA	1702345678001 PEREZ LOPEZ MARIA	AV. 10 DE AGOSTO Y COLON	BOTICA	PERMISO VIGENTE	SIN RECETA	SI	NO	21001002
21001002	GUAYAS	LOJA	21002002	FARMACIA PHARMACYS	0912345678001 GARCIA RUIZ JUAN	CALLE BOLIVAR Y SUCRE	FARMACIA	PERMISO VIGENTE	VENTA LIBRE	NO	NO	21002001
21002001	AZUAY	IMBABURA	21001001	FARMACIA SANTA ANA	0102345678001 MORA VEGA ANA	AV. AMAZONAS N32-45	FARMACIA	PERMISO VIGENTE	CON RECETA	NO	NO	21002002
21002002	MANABI	AZUAY	21001002	FARMACIA CRUZ AZUL	1301234567001 TORRES LEON LUIS	CALLE ROCAFUERTE 123	FARMACIA	PERMISO VIGENTE	SIN RECETA	NO	NO	21001001
